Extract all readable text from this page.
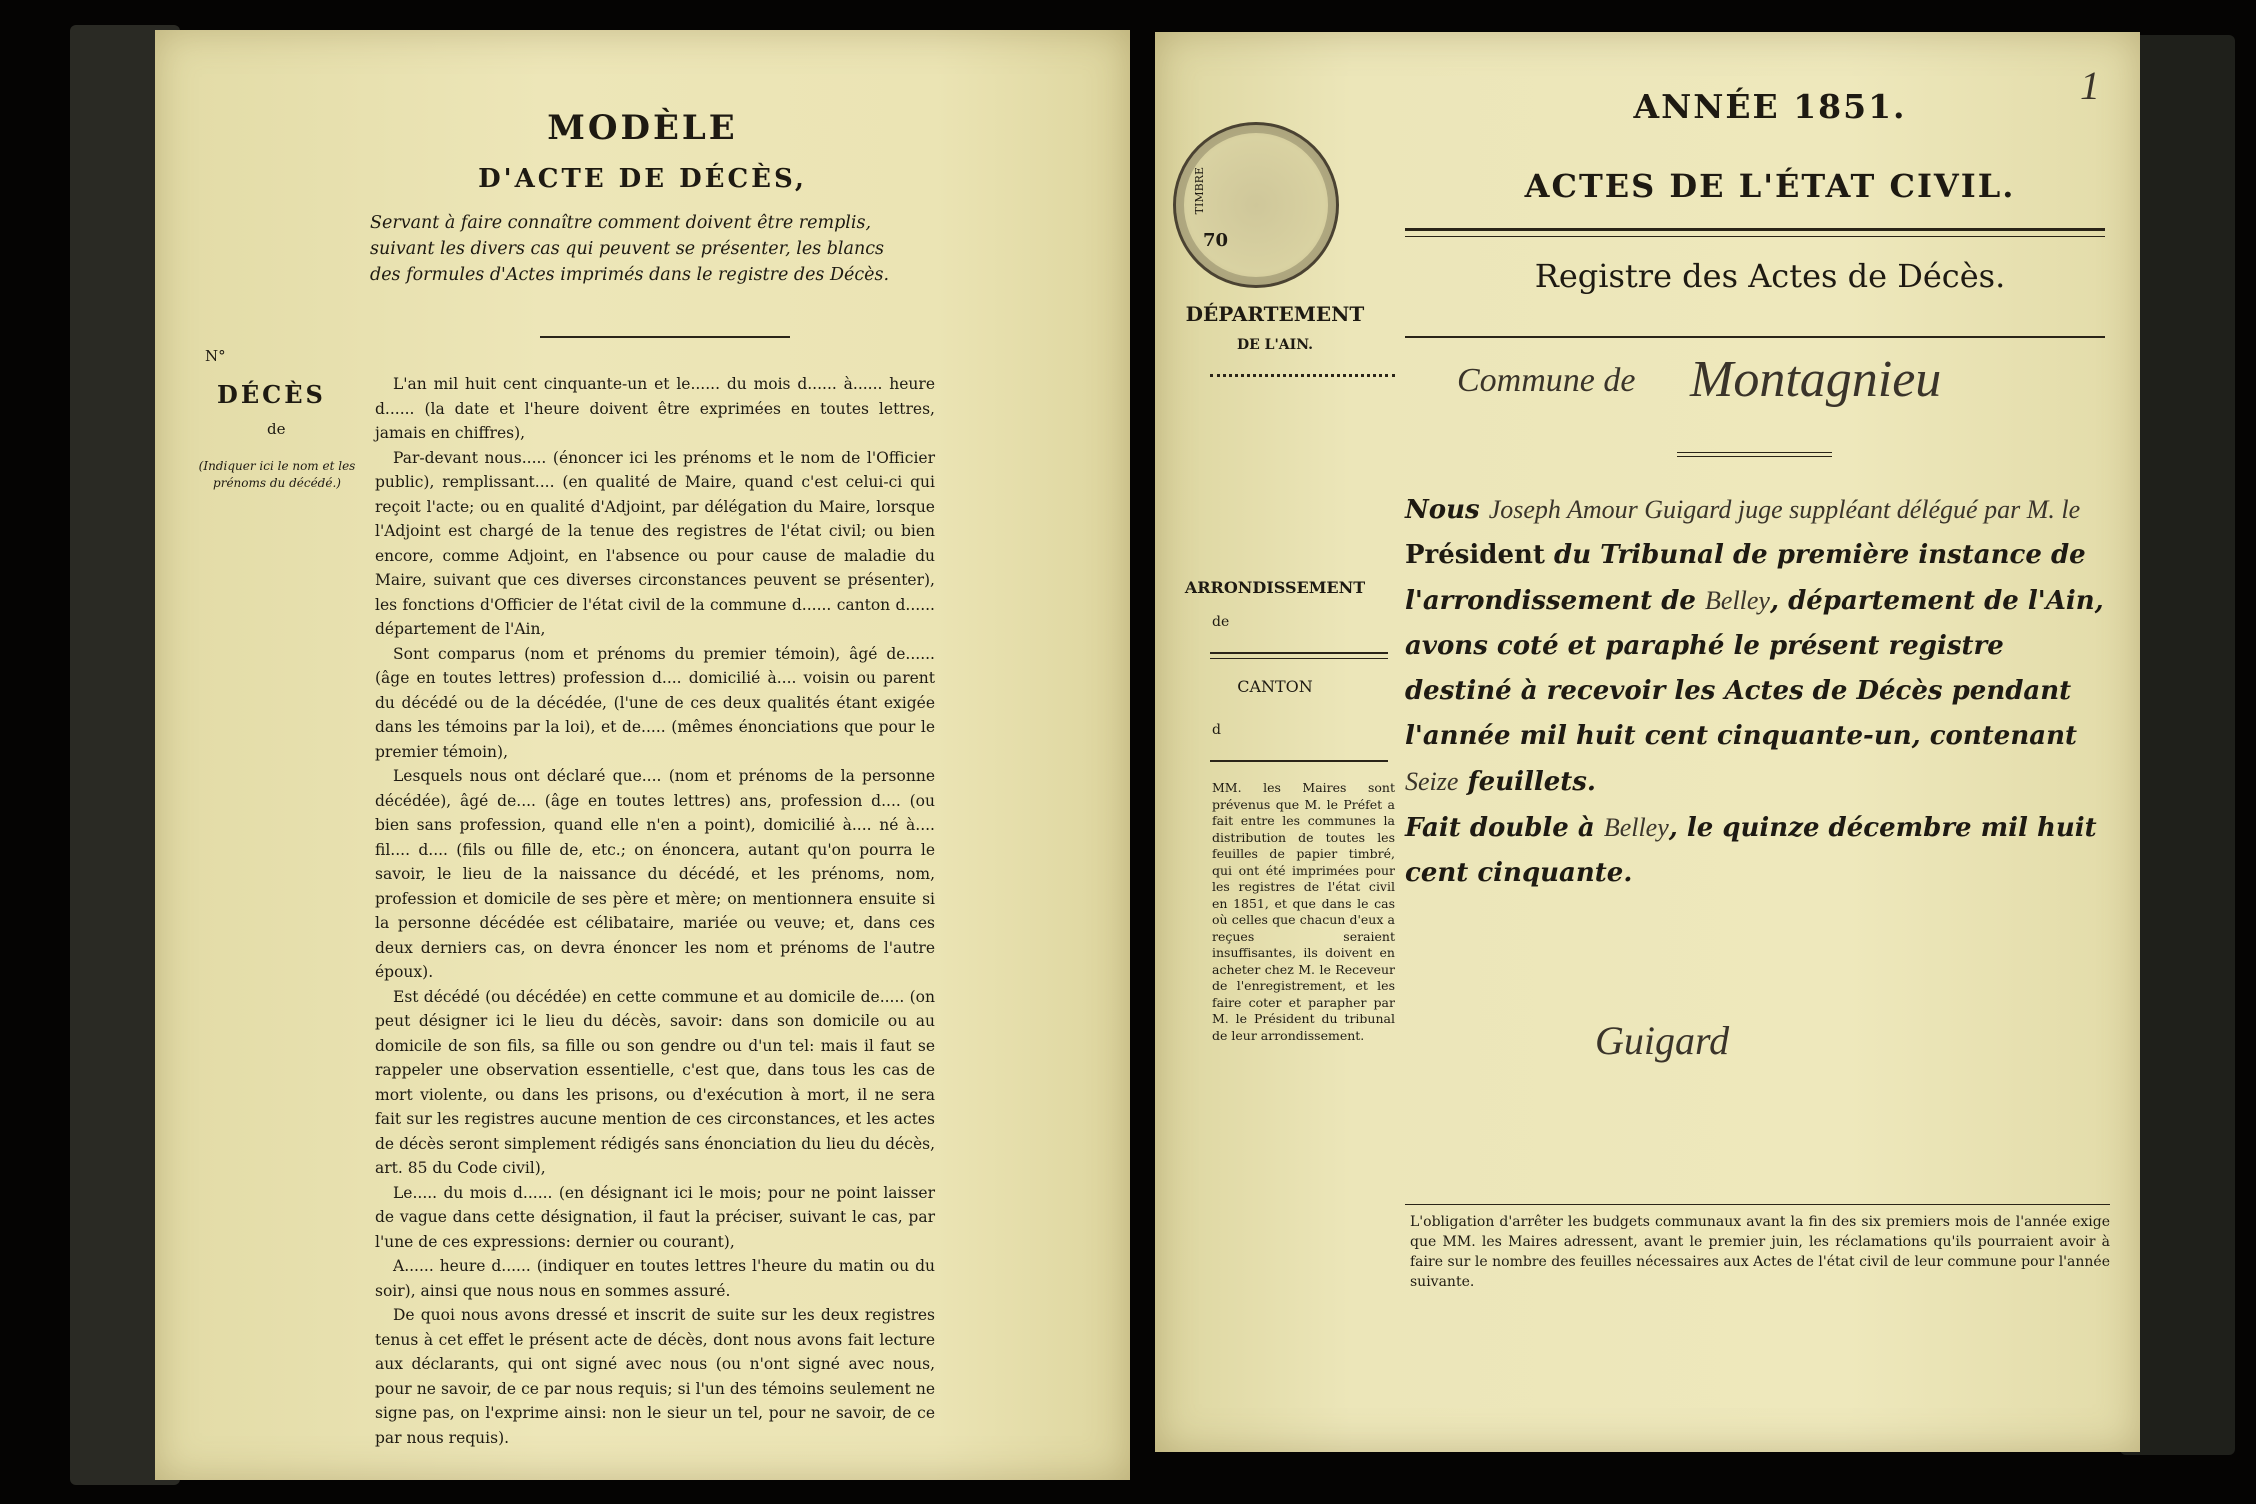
MODÈLE
D'ACTE DE DÉCÈS,
Servant à faire connaître comment doivent être remplis, suivant les divers cas qui peuvent se présenter, les blancs des formules d'Actes imprimés dans le registre des Décès.
N°
DÉCÈS
de
(Indiquer ici le nom et les prénoms du décédé.)

L'an mil huit cent cinquante-un et le...... du mois d...... à...... heure d...... (la date et l'heure doivent être exprimées en toutes lettres, jamais en chiffres),

Par-devant nous..... (énoncer ici les prénoms et le nom de l'Officier public), remplissant.... (en qualité de Maire, quand c'est celui-ci qui reçoit l'acte; ou en qualité d'Adjoint, par délégation du Maire, lorsque l'Adjoint est chargé de la tenue des registres de l'état civil; ou bien encore, comme Adjoint, en l'absence ou pour cause de maladie du Maire, suivant que ces diverses circonstances peuvent se présenter), les fonctions d'Officier de l'état civil de la commune d...... canton d...... département de l'Ain,

Sont comparus (nom et prénoms du premier témoin), âgé de...... (âge en toutes lettres) profession d.... domicilié à.... voisin ou parent du décédé ou de la décédée, (l'une de ces deux qualités étant exigée dans les témoins par la loi), et de..... (mêmes énonciations que pour le premier témoin),

Lesquels nous ont déclaré que.... (nom et prénoms de la personne décédée), âgé de.... (âge en toutes lettres) ans, profession d.... (ou bien sans profession, quand elle n'en a point), domicilié à.... né à.... fil.... d.... (fils ou fille de, etc.; on énoncera, autant qu'on pourra le savoir, le lieu de la naissance du décédé, et les prénoms, nom, profession et domicile de ses père et mère; on mentionnera ensuite si la personne décédée est célibataire, mariée ou veuve; et, dans ces deux derniers cas, on devra énoncer les nom et prénoms de l'autre époux).

Est décédé (ou décédée) en cette commune et au domicile de..... (on peut désigner ici le lieu du décès, savoir: dans son domicile ou au domicile de son fils, sa fille ou son gendre ou d'un tel: mais il faut se rappeler une observation essentielle, c'est que, dans tous les cas de mort violente, ou dans les prisons, ou d'exécution à mort, il ne sera fait sur les registres aucune mention de ces circonstances, et les actes de décès seront simplement rédigés sans énonciation du lieu du décès, art. 85 du Code civil),

Le..... du mois d...... (en désignant ici le mois; pour ne point laisser de vague dans cette désignation, il faut la préciser, suivant le cas, par l'une de ces expressions: dernier ou courant),

A...... heure d...... (indiquer en toutes lettres l'heure du matin ou du soir), ainsi que nous nous en sommes assuré.

De quoi nous avons dressé et inscrit de suite sur les deux registres tenus à cet effet le présent acte de décès, dont nous avons fait lecture aux déclarants, qui ont signé avec nous (ou n'ont signé avec nous, pour ne savoir, de ce par nous requis; si l'un des témoins seulement ne signe pas, on l'exprime ainsi: non le sieur un tel, pour ne savoir, de ce par nous requis).

1
TIMBRE
70
ANNÉE 1851.
ACTES DE L'ÉTAT CIVIL.
Registre des Actes de Décès.
DÉPARTEMENT
DE L'AIN.
Commune de Montagnieu
ARRONDISSEMENT
de
CANTON
d
MM. les Maires sont prévenus que M. le Préfet a fait entre les communes la distribution de toutes les feuilles de papier timbré, qui ont été imprimées pour les registres de l'état civil en 1851, et que dans le cas où celles que chacun d'eux a reçues seraient insuffisantes, ils doivent en acheter chez M. le Receveur de l'enregistrement, et les faire coter et parapher par M. le Président du tribunal de leur arrondissement.
Nous Joseph Amour Guigard juge suppléant délégué par M. le Président du Tribunal de première instance de l'arrondissement de Belley, département de l'Ain, avons coté et paraphé le présent registre destiné à recevoir les Actes de Décès pendant l'année mil huit cent cinquante-un, contenant
Seize feuillets.
Fait double à Belley, le quinze décembre mil huit cent cinquante.
Guigard
L'obligation d'arrêter les budgets communaux avant la fin des six premiers mois de l'année exige que MM. les Maires adressent, avant le premier juin, les réclamations qu'ils pourraient avoir à faire sur le nombre des feuilles nécessaires aux Actes de l'état civil de leur commune pour l'année suivante.
